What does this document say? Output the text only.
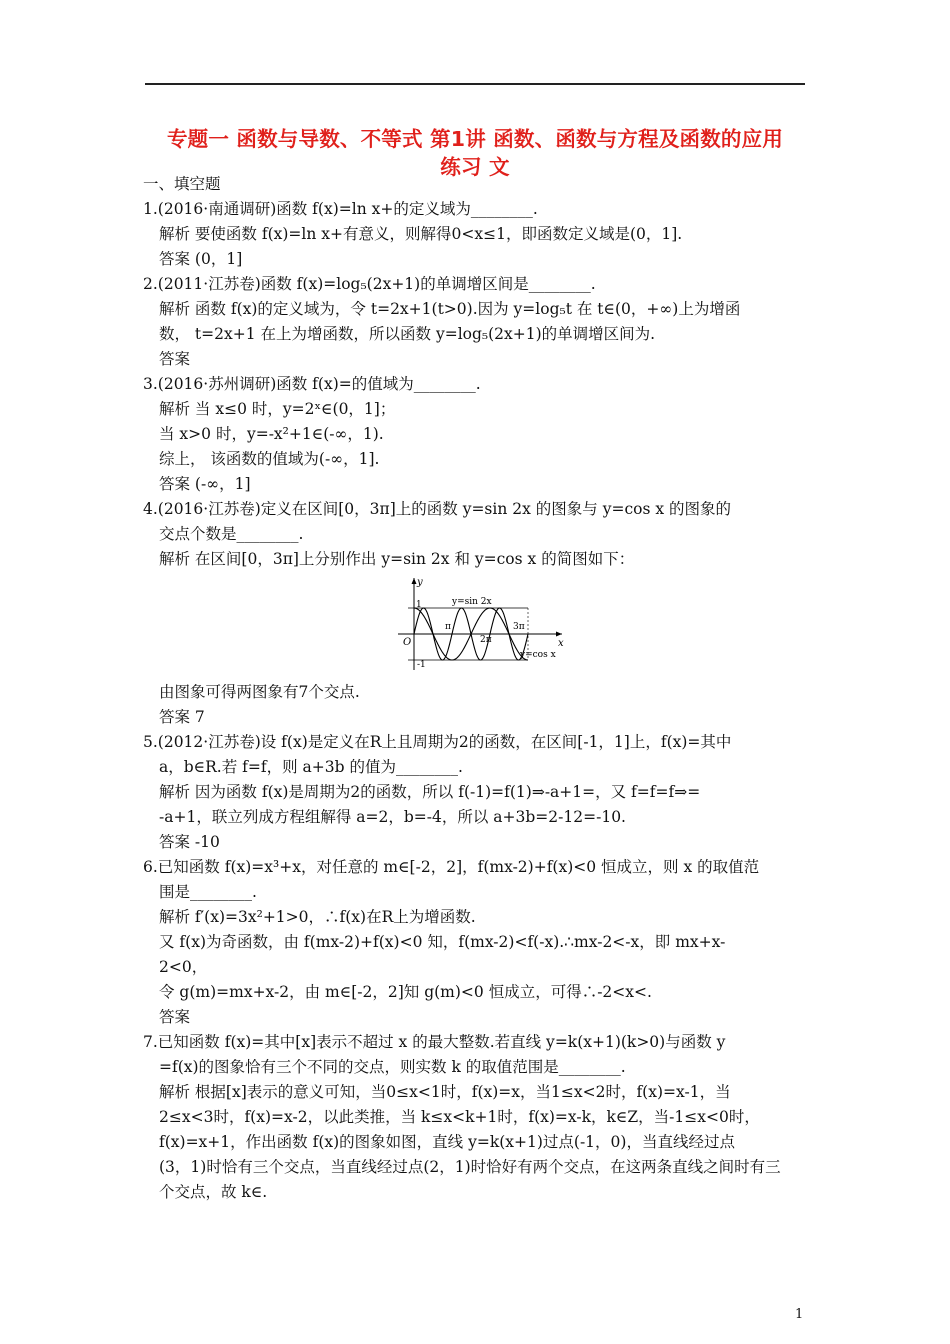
专题一 函数与导数、不等式 第1讲 函数、函数与方程及函数的应用
练习 文
一、填空题
1.(2016·南通调研)函数 f(x)=ln x+的定义域为________.
解析 要使函数 f(x)=ln x+有意义，则解得0<x≤1，即函数定义域是(0，1].
答案 (0，1]
2.(2011·江苏卷)函数 f(x)=log₅(2x+1)的单调增区间是________.
解析 函数 f(x)的定义域为，令 t=2x+1(t>0).因为 y=log₅t 在 t∈(0，+∞)上为增函
数， t=2x+1 在上为增函数，所以函数 y=log₅(2x+1)的单调增区间为.
答案
3.(2016·苏州调研)函数 f(x)=的值域为________.
解析 当 x≤0 时，y=2ˣ∈(0，1]；
当 x>0 时，y=-x²+1∈(-∞，1).
综上， 该函数的值域为(-∞，1].
答案 (-∞，1]
4.(2016·江苏卷)定义在区间[0，3π]上的函数 y=sin 2x 的图象与 y=cos x 的图象的
交点个数是________.
解析 在区间[0，3π]上分别作出 y=sin 2x 和 y=cos x 的简图如下：
y
x
O
1
-1
π
2π
3π
y=sin 2x
y=cos x
由图象可得两图象有7个交点.
答案 7
5.(2012·江苏卷)设 f(x)是定义在R上且周期为2的函数，在区间[-1，1]上，f(x)=其中
a，b∈R.若 f=f，则 a+3b 的值为________.
解析 因为函数 f(x)是周期为2的函数，所以 f(-1)=f(1)⇒-a+1=，又 f=f=f⇒=
-a+1，联立列成方程组解得 a=2，b=-4，所以 a+3b=2-12=-10.
答案 -10
6.已知函数 f(x)=x³+x，对任意的 m∈[-2，2]，f(mx-2)+f(x)<0 恒成立，则 x 的取值范
围是________.
解析 f′(x)=3x²+1>0，∴f(x)在R上为增函数.
又 f(x)为奇函数，由 f(mx-2)+f(x)<0 知，f(mx-2)<f(-x).∴mx-2<-x，即 mx+x-
2<0，
令 g(m)=mx+x-2，由 m∈[-2，2]知 g(m)<0 恒成立，可得∴-2<x<.
答案
7.已知函数 f(x)=其中[x]表示不超过 x 的最大整数.若直线 y=k(x+1)(k>0)与函数 y
=f(x)的图象恰有三个不同的交点，则实数 k 的取值范围是________.
解析 根据[x]表示的意义可知，当0≤x<1时，f(x)=x，当1≤x<2时，f(x)=x-1，当
2≤x<3时，f(x)=x-2，以此类推，当 k≤x<k+1时，f(x)=x-k，k∈Z，当-1≤x<0时，
f(x)=x+1，作出函数 f(x)的图象如图，直线 y=k(x+1)过点(-1，0)，当直线经过点
(3，1)时恰有三个交点，当直线经过点(2，1)时恰好有两个交点，在这两条直线之间时有三
个交点，故 k∈.
1
